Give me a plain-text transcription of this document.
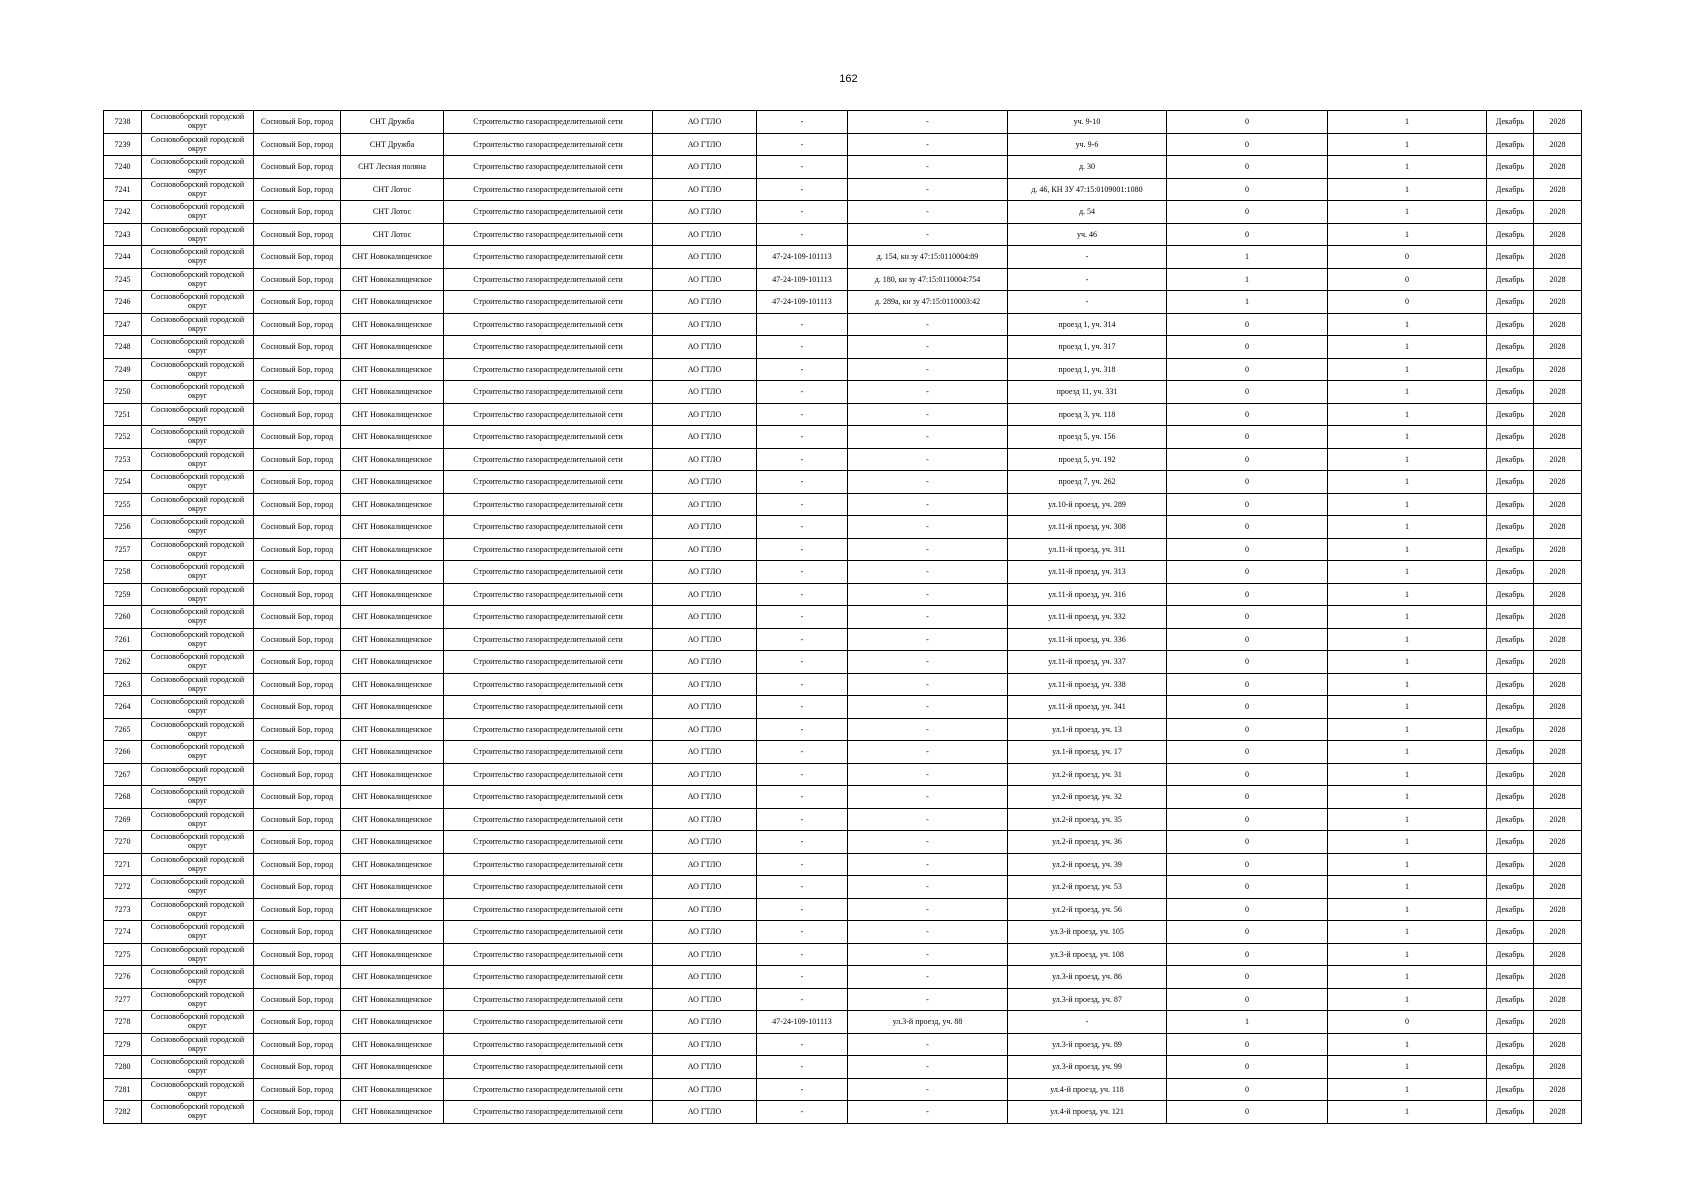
162
7238	Сосновоборский городской округ	Сосновый Бор, город	СНТ Дружба	Строительство газораспределительной сети	АО ГТЛО	-	-	уч. 9-10	0	1	Декабрь	2028
7239	Сосновоборский городской округ	Сосновый Бор, город	СНТ Дружба	Строительство газораспределительной сети	АО ГТЛО	-	-	уч. 9-6	0	1	Декабрь	2028
7240	Сосновоборский городской округ	Сосновый Бор, город	СНТ Лесная поляна	Строительство газораспределительной сети	АО ГТЛО	-	-	д. 30	0	1	Декабрь	2028
7241	Сосновоборский городской округ	Сосновый Бор, город	СНТ Лотос	Строительство газораспределительной сети	АО ГТЛО	-	-	д. 46, КН ЗУ 47:15:0109001:1080	0	1	Декабрь	2028
7242	Сосновоборский городской округ	Сосновый Бор, город	СНТ Лотос	Строительство газораспределительной сети	АО ГТЛО	-	-	д. 54	0	1	Декабрь	2028
7243	Сосновоборский городской округ	Сосновый Бор, город	СНТ Лотос	Строительство газораспределительной сети	АО ГТЛО	-	-	уч. 46	0	1	Декабрь	2028
7244	Сосновоборский городской округ	Сосновый Бор, город	СНТ Новокалищенское	Строительство газораспределительной сети	АО ГТЛО	47-24-109-101113	д. 154, кн зу 47:15:0110004:89	-	1	0	Декабрь	2028
7245	Сосновоборский городской округ	Сосновый Бор, город	СНТ Новокалищенское	Строительство газораспределительной сети	АО ГТЛО	47-24-109-101113	д. 180, кн зу 47:15:0110004:754	-	1	0	Декабрь	2028
7246	Сосновоборский городской округ	Сосновый Бор, город	СНТ Новокалищенское	Строительство газораспределительной сети	АО ГТЛО	47-24-109-101113	д. 289а, кн зу 47:15:0110003:42	-	1	0	Декабрь	2028
7247	Сосновоборский городской округ	Сосновый Бор, город	СНТ Новокалищенское	Строительство газораспределительной сети	АО ГТЛО	-	-	проезд 1, уч. 314	0	1	Декабрь	2028
7248	Сосновоборский городской округ	Сосновый Бор, город	СНТ Новокалищенское	Строительство газораспределительной сети	АО ГТЛО	-	-	проезд 1, уч. 317	0	1	Декабрь	2028
7249	Сосновоборский городской округ	Сосновый Бор, город	СНТ Новокалищенское	Строительство газораспределительной сети	АО ГТЛО	-	-	проезд 1, уч. 318	0	1	Декабрь	2028
7250	Сосновоборский городской округ	Сосновый Бор, город	СНТ Новокалищенское	Строительство газораспределительной сети	АО ГТЛО	-	-	проезд 11, уч. 331	0	1	Декабрь	2028
7251	Сосновоборский городской округ	Сосновый Бор, город	СНТ Новокалищенское	Строительство газораспределительной сети	АО ГТЛО	-	-	проезд 3, уч. 118	0	1	Декабрь	2028
7252	Сосновоборский городской округ	Сосновый Бор, город	СНТ Новокалищенское	Строительство газораспределительной сети	АО ГТЛО	-	-	проезд 5, уч. 156	0	1	Декабрь	2028
7253	Сосновоборский городской округ	Сосновый Бор, город	СНТ Новокалищенское	Строительство газораспределительной сети	АО ГТЛО	-	-	проезд 5, уч. 192	0	1	Декабрь	2028
7254	Сосновоборский городской округ	Сосновый Бор, город	СНТ Новокалищенское	Строительство газораспределительной сети	АО ГТЛО	-	-	проезд 7, уч. 262	0	1	Декабрь	2028
7255	Сосновоборский городской округ	Сосновый Бор, город	СНТ Новокалищенское	Строительство газораспределительной сети	АО ГТЛО	-	-	ул.10-й проезд, уч. 289	0	1	Декабрь	2028
7256	Сосновоборский городской округ	Сосновый Бор, город	СНТ Новокалищенское	Строительство газораспределительной сети	АО ГТЛО	-	-	ул.11-й проезд, уч. 308	0	1	Декабрь	2028
7257	Сосновоборский городской округ	Сосновый Бор, город	СНТ Новокалищенское	Строительство газораспределительной сети	АО ГТЛО	-	-	ул.11-й проезд, уч. 311	0	1	Декабрь	2028
7258	Сосновоборский городской округ	Сосновый Бор, город	СНТ Новокалищенское	Строительство газораспределительной сети	АО ГТЛО	-	-	ул.11-й проезд, уч. 313	0	1	Декабрь	2028
7259	Сосновоборский городской округ	Сосновый Бор, город	СНТ Новокалищенское	Строительство газораспределительной сети	АО ГТЛО	-	-	ул.11-й проезд, уч. 316	0	1	Декабрь	2028
7260	Сосновоборский городской округ	Сосновый Бор, город	СНТ Новокалищенское	Строительство газораспределительной сети	АО ГТЛО	-	-	ул.11-й проезд, уч. 332	0	1	Декабрь	2028
7261	Сосновоборский городской округ	Сосновый Бор, город	СНТ Новокалищенское	Строительство газораспределительной сети	АО ГТЛО	-	-	ул.11-й проезд, уч. 336	0	1	Декабрь	2028
7262	Сосновоборский городской округ	Сосновый Бор, город	СНТ Новокалищенское	Строительство газораспределительной сети	АО ГТЛО	-	-	ул.11-й проезд, уч. 337	0	1	Декабрь	2028
7263	Сосновоборский городской округ	Сосновый Бор, город	СНТ Новокалищенское	Строительство газораспределительной сети	АО ГТЛО	-	-	ул.11-й проезд, уч. 338	0	1	Декабрь	2028
7264	Сосновоборский городской округ	Сосновый Бор, город	СНТ Новокалищенское	Строительство газораспределительной сети	АО ГТЛО	-	-	ул.11-й проезд, уч. 341	0	1	Декабрь	2028
7265	Сосновоборский городской округ	Сосновый Бор, город	СНТ Новокалищенское	Строительство газораспределительной сети	АО ГТЛО	-	-	ул.1-й проезд, уч. 13	0	1	Декабрь	2028
7266	Сосновоборский городской округ	Сосновый Бор, город	СНТ Новокалищенское	Строительство газораспределительной сети	АО ГТЛО	-	-	ул.1-й проезд, уч. 17	0	1	Декабрь	2028
7267	Сосновоборский городской округ	Сосновый Бор, город	СНТ Новокалищенское	Строительство газораспределительной сети	АО ГТЛО	-	-	ул.2-й проезд, уч. 31	0	1	Декабрь	2028
7268	Сосновоборский городской округ	Сосновый Бор, город	СНТ Новокалищенское	Строительство газораспределительной сети	АО ГТЛО	-	-	ул.2-й проезд, уч. 32	0	1	Декабрь	2028
7269	Сосновоборский городской округ	Сосновый Бор, город	СНТ Новокалищенское	Строительство газораспределительной сети	АО ГТЛО	-	-	ул.2-й проезд, уч. 35	0	1	Декабрь	2028
7270	Сосновоборский городской округ	Сосновый Бор, город	СНТ Новокалищенское	Строительство газораспределительной сети	АО ГТЛО	-	-	ул.2-й проезд, уч. 36	0	1	Декабрь	2028
7271	Сосновоборский городской округ	Сосновый Бор, город	СНТ Новокалищенское	Строительство газораспределительной сети	АО ГТЛО	-	-	ул.2-й проезд, уч. 39	0	1	Декабрь	2028
7272	Сосновоборский городской округ	Сосновый Бор, город	СНТ Новокалищенское	Строительство газораспределительной сети	АО ГТЛО	-	-	ул.2-й проезд, уч. 53	0	1	Декабрь	2028
7273	Сосновоборский городской округ	Сосновый Бор, город	СНТ Новокалищенское	Строительство газораспределительной сети	АО ГТЛО	-	-	ул.2-й проезд, уч. 56	0	1	Декабрь	2028
7274	Сосновоборский городской округ	Сосновый Бор, город	СНТ Новокалищенское	Строительство газораспределительной сети	АО ГТЛО	-	-	ул.3-й проезд, уч. 105	0	1	Декабрь	2028
7275	Сосновоборский городской округ	Сосновый Бор, город	СНТ Новокалищенское	Строительство газораспределительной сети	АО ГТЛО	-	-	ул.3-й проезд, уч. 108	0	1	Декабрь	2028
7276	Сосновоборский городской округ	Сосновый Бор, город	СНТ Новокалищенское	Строительство газораспределительной сети	АО ГТЛО	-	-	ул.3-й проезд, уч. 86	0	1	Декабрь	2028
7277	Сосновоборский городской округ	Сосновый Бор, город	СНТ Новокалищенское	Строительство газораспределительной сети	АО ГТЛО	-	-	ул.3-й проезд, уч. 87	0	1	Декабрь	2028
7278	Сосновоборский городской округ	Сосновый Бор, город	СНТ Новокалищенское	Строительство газораспределительной сети	АО ГТЛО	47-24-109-101113	ул.3-й проезд, уч. 88	-	1	0	Декабрь	2028
7279	Сосновоборский городской округ	Сосновый Бор, город	СНТ Новокалищенское	Строительство газораспределительной сети	АО ГТЛО	-	-	ул.3-й проезд, уч. 89	0	1	Декабрь	2028
7280	Сосновоборский городской округ	Сосновый Бор, город	СНТ Новокалищенское	Строительство газораспределительной сети	АО ГТЛО	-	-	ул.3-й проезд, уч. 99	0	1	Декабрь	2028
7281	Сосновоборский городской округ	Сосновый Бор, город	СНТ Новокалищенское	Строительство газораспределительной сети	АО ГТЛО	-	-	ул.4-й проезд, уч. 118	0	1	Декабрь	2028
7282	Сосновоборский городской округ	Сосновый Бор, город	СНТ Новокалищенское	Строительство газораспределительной сети	АО ГТЛО	-	-	ул.4-й проезд, уч. 121	0	1	Декабрь	2028
